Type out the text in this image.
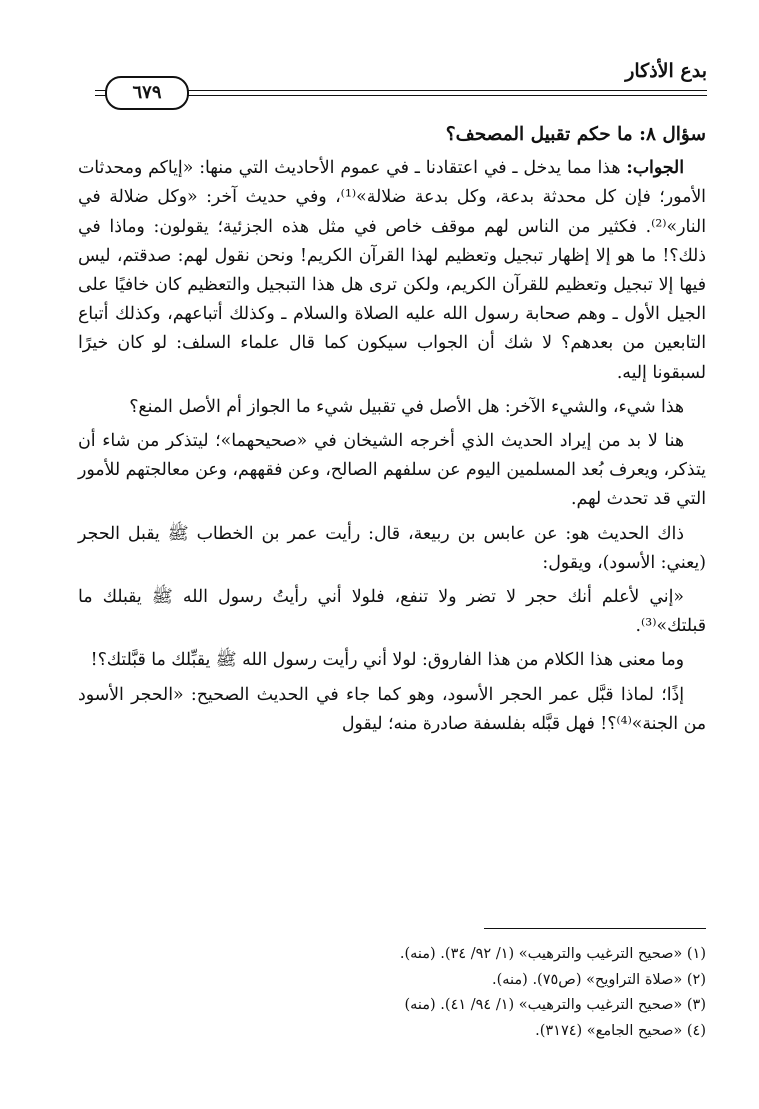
بدع الأذكار
٦٧٩

سؤال ٨: ما حكم تقبيل المصحف؟

الجواب: هذا مما يدخل ـ في اعتقادنا ـ في عموم الأحاديث التي منها: «إياكم ومحدثات الأمور؛ فإن كل محدثة بدعة، وكل بدعة ضلالة»⁽¹⁾، وفي حديث آخر: «وكل ضلالة في النار»⁽²⁾. فكثير من الناس لهم موقف خاص في مثل هذه الجزئية؛ يقولون: وماذا في ذلك؟! ما هو إلا إظهار تبجيل وتعظيم لهذا القرآن الكريم! ونحن نقول لهم: صدقتم، ليس فيها إلا تبجيل وتعظيم للقرآن الكريم، ولكن ترى هل هذا التبجيل والتعظيم كان خافيًا على الجيل الأول ـ وهم صحابة رسول الله عليه الصلاة والسلام ـ وكذلك أتباعهم، وكذلك أتباع التابعين من بعدهم؟ لا شك أن الجواب سيكون كما قال علماء السلف: لو كان خيرًا لسبقونا إليه.

هذا شيء، والشيء الآخر: هل الأصل في تقبيل شيء ما الجواز أم الأصل المنع؟

هنا لا بد من إيراد الحديث الذي أخرجه الشيخان في «صحيحهما»؛ ليتذكر من شاء أن يتذكر، ويعرف بُعد المسلمين اليوم عن سلفهم الصالح، وعن فقههم، وعن معالجتهم للأمور التي قد تحدث لهم.

ذاك الحديث هو: عن عابس بن ربيعة، قال: رأيت عمر بن الخطاب ﷺ يقبل الحجر (يعني: الأسود)، ويقول:

«إني لأعلم أنك حجر لا تضر ولا تنفع، فلولا أني رأيتُ رسول الله ﷺ يقبلك ما قبلتك»⁽³⁾.

وما معنى هذا الكلام من هذا الفاروق: لولا أني رأيت رسول الله ﷺ يقبِّلك ما قبَّلتك؟!

إذًا؛ لماذا قبَّل عمر الحجر الأسود، وهو كما جاء في الحديث الصحيح: «الحجر الأسود من الجنة»⁽⁴⁾؟! فهل قبَّله بفلسفة صادرة منه؛ ليقول

(١) «صحيح الترغيب والترهيب» (١/ ٩٢/ ٣٤). (منه).
(٢) «صلاة التراويح» (ص٧٥). (منه).
(٣) «صحيح الترغيب والترهيب» (١/ ٩٤/ ٤١). (منه)
(٤) «صحيح الجامع» (٣١٧٤).
